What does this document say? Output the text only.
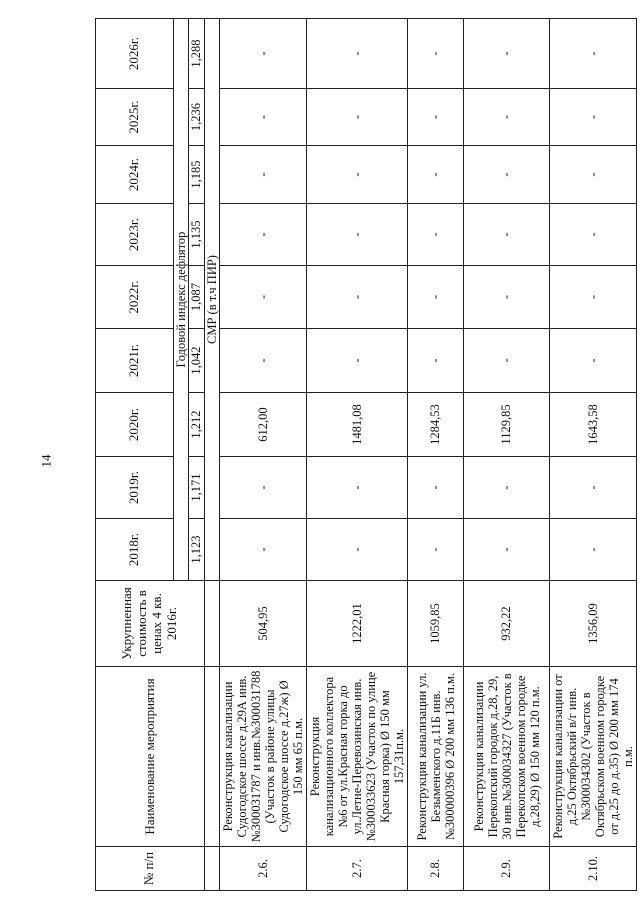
14
№ п/п	Наименование мероприятия	Укрупненная стоимость в ценах 4 кв. 2016г.	2018г.	2019г.	2020г.	2021г.	2022г.	2023г.	2024г.	2025г.	2026г.
			Годовой индекс дефлятор								
			1,123	1,171	1,212	1,042	1,087	1,135	1,185	1,236	1,288
			СМР (в т.ч ПИР)								
2.6.	Реконструкция канализации Судогодское шоссе д.29А инв.№300031787 и инв.№300031788 (Участок в районе улицы Судогодское шоссе д.27ж) Ø 150 мм 65 п.м.	504,95	-	-	612,00	-	-	-	-	-	-
2.7.	Реконструкция канализационного коллектора №6 от ул.Красная горка до ул.Летне-Перевозинская инв.№300033623 (Участок по улице Красная горка) Ø 150 мм 157,31п.м.	1222,01	-	-	1481,08	-	-	-	-	-	-
2.8.	Реконструкция канализации ул. Безыменского д.11Б инв.№300000396 Ø 200 мм 136 п.м.	1059,85	-	-	1284,53	-	-	-	-	-	-
2.9.	Реконструкция канализации Перекопский городок д.28, 29, 30 инв.№300034327 (Участок в Перекопском военном городке д.28,29) Ø 150 мм 120 п.м.	932,22	-	-	1129,85	-	-	-	-	-	-
2.10.	Реконструкция канализации от д.25 Октябрьский в/г инв.№300034302 (Участок в Октябрьском военном городке от д.25 до д.35) Ø 200 мм 174 п.м.	1356,09	-	-	1643,58	-	-	-	-	-	-
